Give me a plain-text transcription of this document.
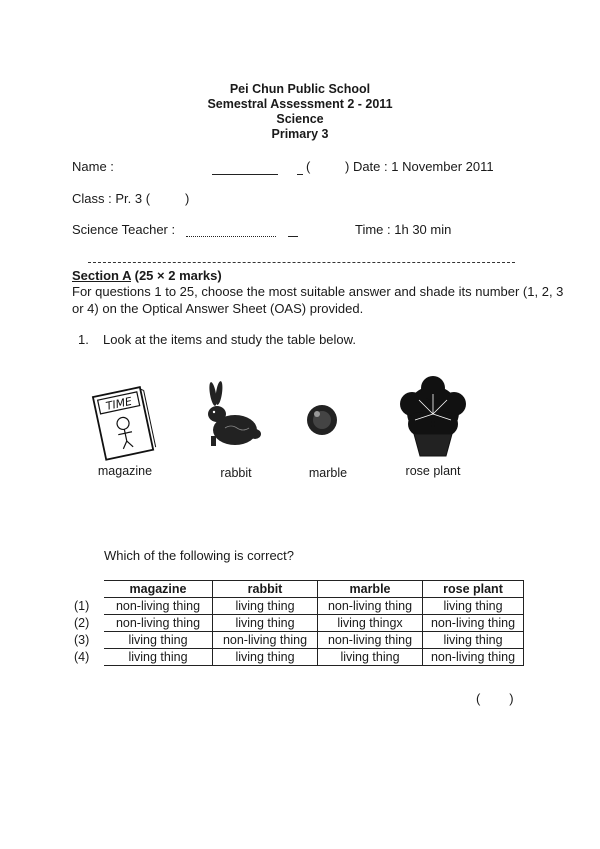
Pei Chun Public School
Semestral Assessment 2 - 2011
Science
Primary 3
Name :	(	) Date : 1 November 2011
Class : Pr. 3 (	)
Science Teacher :	Time : 1h 30 min
Section A (25 × 2 marks)
For questions 1 to 25, choose the most suitable answer and shade its number (1, 2, 3 or 4) on the Optical Answer Sheet (OAS) provided.
1. Look at the items and study the table below.
TIME
magazine	rabbit	marble	rose plant
Which of the following is correct?
	magazine	rabbit	marble	rose plant
(1)	non-living thing	living thing	non-living thing	living thing
(2)	non-living thing	living thing	living thingx	non-living thing
(3)	living thing	non-living thing	non-living thing	living thing
(4)	living thing	living thing	living thing	non-living thing
(        )
